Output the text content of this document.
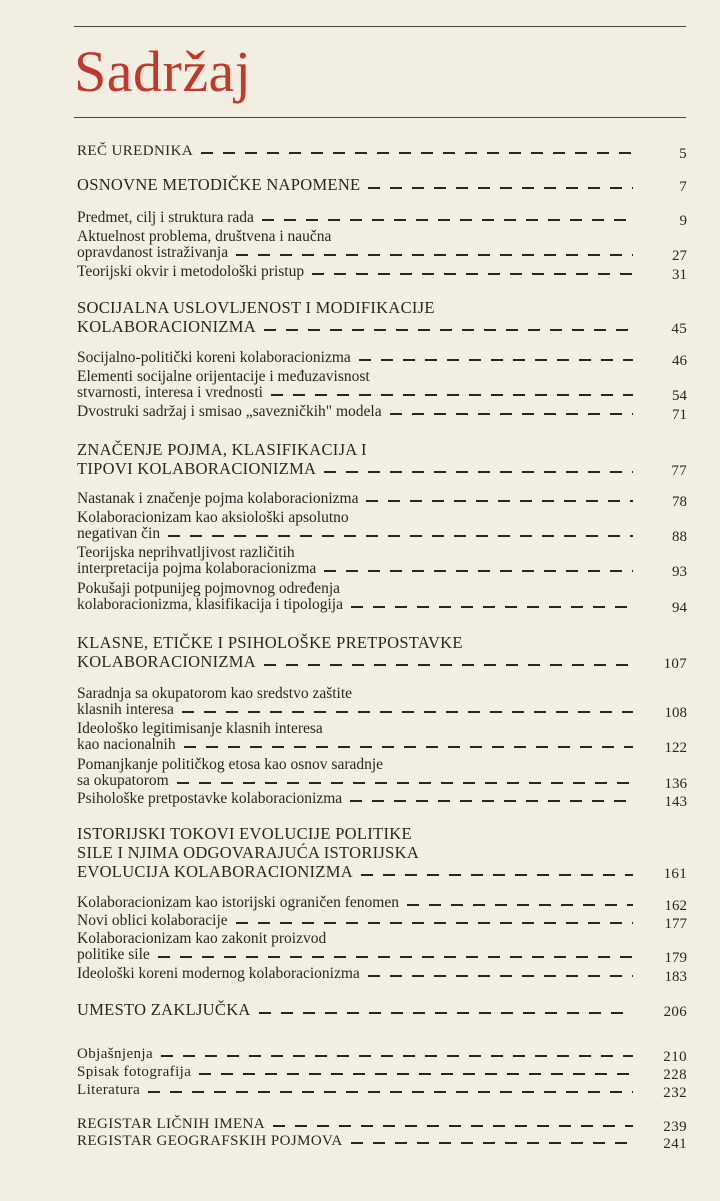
Sadržaj
REČ UREDNIKA	5
OSNOVNE METODIČKE NAPOMENE	7
Predmet, cilj i struktura rada	9
Aktuelnost problema, društvena i naučna
opravdanost istraživanja	27
Teorijski okvir i metodološki pristup	31
SOCIJALNA USLOVLJENOST I MODIFIKACIJE
KOLABORACIONIZMA	45
Socijalno-politički koreni kolaboracionizma	46
Elementi socijalne orijentacije i međuzavisnost
stvarnosti, interesa i vrednosti	54
Dvostruki sadržaj i smisao „savezničkih" modela	71
ZNAČENJE POJMA, KLASIFIKACIJA I
TIPOVI KOLABORACIONIZMA	77
Nastanak i značenje pojma kolaboracionizma	78
Kolaboracionizam kao aksiološki apsolutno
negativan čin	88
Teorijska neprihvatljivost različitih
interpretacija pojma kolaboracionizma	93
Pokušaji potpunijeg pojmovnog određenja
kolaboracionizma, klasifikacija i tipologija	94
KLASNE, ETIČKE I PSIHOLOŠKE PRETPOSTAVKE
KOLABORACIONIZMA	107
Saradnja sa okupatorom kao sredstvo zaštite
klasnih interesa	108
Ideološko legitimisanje klasnih interesa
kao nacionalnih	122
Pomanjkanje političkog etosa kao osnov saradnje
sa okupatorom	136
Psihološke pretpostavke kolaboracionizma	143
ISTORIJSKI TOKOVI EVOLUCIJE POLITIKE
SILE I NJIMA ODGOVARAJUĆA ISTORIJSKA
EVOLUCIJA KOLABORACIONIZMA	161
Kolaboracionizam kao istorijski ograničen fenomen	162
Novi oblici kolaboracije	177
Kolaboracionizam kao zakonit proizvod
politike sile	179
Ideološki koreni modernog kolaboracionizma	183
UMESTO ZAKLJUČKA	206
Objašnjenja	210
Spisak fotografija	228
Literatura	232
REGISTAR LIČNIH IMENA	239
REGISTAR GEOGRAFSKIH POJMOVA	241
